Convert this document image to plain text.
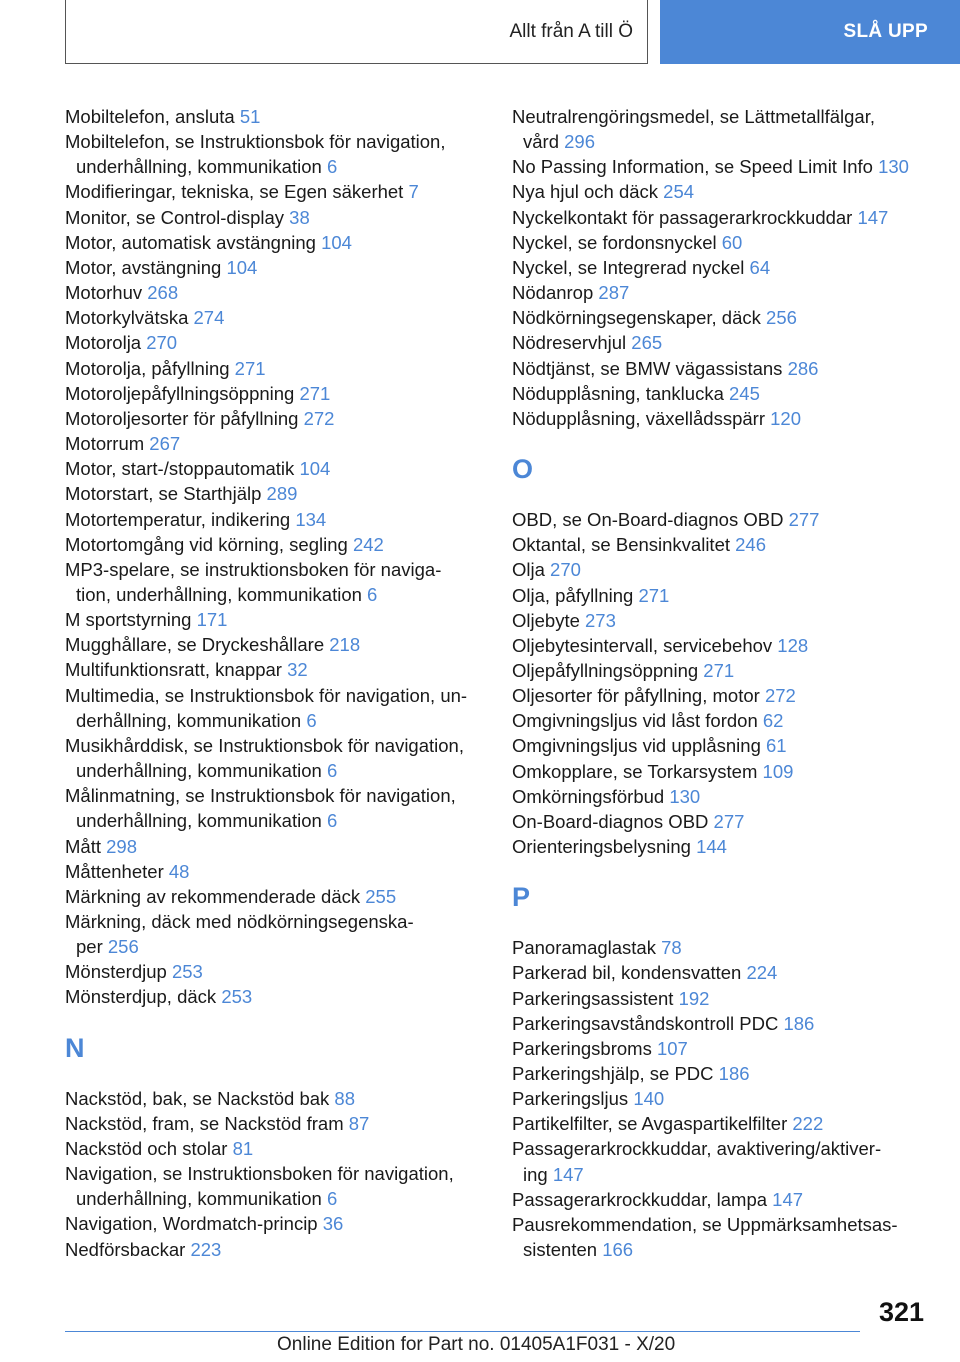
Allt från A till Ö	SLÅ UPP
Mobiltelefon, ansluta 51
Mobiltelefon, se Instruktionsbok för navigation,
underhållning, kommunikation 6
Modifieringar, tekniska, se Egen säkerhet 7
Monitor, se Control-display 38
Motor, automatisk avstängning 104
Motor, avstängning 104
Motorhuv 268
Motorkylvätska 274
Motorolja 270
Motorolja, påfyllning 271
Motoroljepåfyllningsöppning 271
Motoroljesorter för påfyllning 272
Motorrum 267
Motor, start-/stoppautomatik 104
Motorstart, se Starthjälp 289
Motortemperatur, indikering 134
Motortomgång vid körning, segling 242
MP3-spelare, se instruktionsboken för naviga-
tion, underhållning, kommunikation 6
M sportstyrning 171
Mugghållare, se Dryckeshållare 218
Multifunktionsratt, knappar 32
Multimedia, se Instruktionsbok för navigation, un-
derhållning, kommunikation 6
Musikhårddisk, se Instruktionsbok för navigation,
underhållning, kommunikation 6
Målinmatning, se Instruktionsbok för navigation,
underhållning, kommunikation 6
Mått 298
Måttenheter 48
Märkning av rekommenderade däck 255
Märkning, däck med nödkörningsegenska-
per 256
Mönsterdjup 253
Mönsterdjup, däck 253
N
Nackstöd, bak, se Nackstöd bak 88
Nackstöd, fram, se Nackstöd fram 87
Nackstöd och stolar 81
Navigation, se Instruktionsboken för navigation,
underhållning, kommunikation 6
Navigation, Wordmatch-princip 36
Nedförsbackar 223
Neutralrengöringsmedel, se Lättmetallfälgar,
vård 296
No Passing Information, se Speed Limit Info 130
Nya hjul och däck 254
Nyckelkontakt för passagerarkrockkuddar 147
Nyckel, se fordonsnyckel 60
Nyckel, se Integrerad nyckel 64
Nödanrop 287
Nödkörningsegenskaper, däck 256
Nödreservhjul 265
Nödtjänst, se BMW vägassistans 286
Nödupplåsning, tanklucka 245
Nödupplåsning, växellådsspärr 120
O
OBD, se On-Board-diagnos OBD 277
Oktantal, se Bensinkvalitet 246
Olja 270
Olja, påfyllning 271
Oljebyte 273
Oljebytesintervall, servicebehov 128
Oljepåfyllningsöppning 271
Oljesorter för påfyllning, motor 272
Omgivningsljus vid låst fordon 62
Omgivningsljus vid upplåsning 61
Omkopplare, se Torkarsystem 109
Omkörningsförbud 130
On-Board-diagnos OBD 277
Orienteringsbelysning 144
P
Panoramaglastak 78
Parkerad bil, kondensvatten 224
Parkeringsassistent 192
Parkeringsavståndskontroll PDC 186
Parkeringsbroms 107
Parkeringshjälp, se PDC 186
Parkeringsljus 140
Partikelfilter, se Avgaspartikelfilter 222
Passagerarkrockkuddar, avaktivering/aktiver-
ing 147
Passagerarkrockkuddar, lampa 147
Pausrekommendation, se Uppmärksamhetsas-
sistenten 166
321
Online Edition for Part no. 01405A1F031 - X/20
